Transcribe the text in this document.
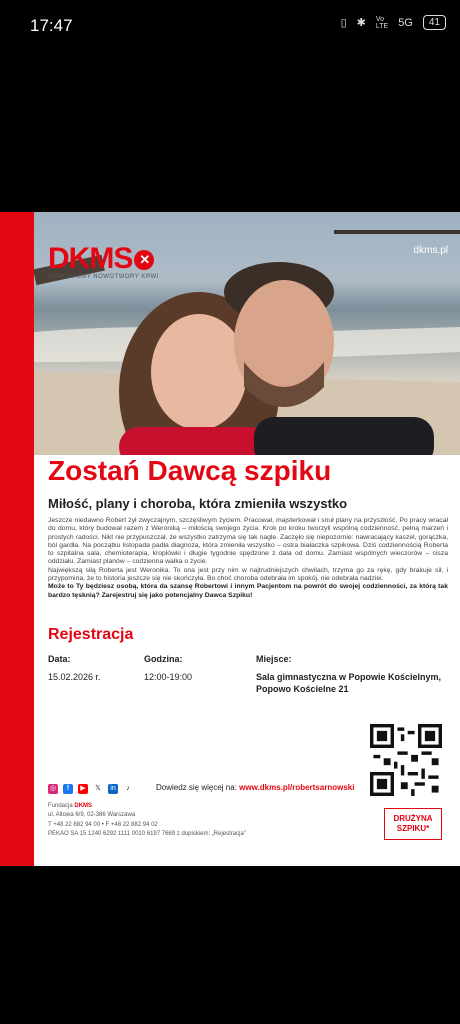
17:47	▯ ✱ Vo
LTE 5G	41
DKMS ✕
POKONAJMY NOWOTWORY KRWI
dkms.pl
Zostań Dawcą szpiku
Miłość, plany i choroba, która zmieniła wszystko

Jeszcze niedawno Robert żył zwyczajnym, szczęśliwym życiem. Pracował, majsterkował i snuł plany na przyszłość. Po pracy wracał do domu, który budował razem z Weroniką – miłością swojego życia. Krok po kroku tworzyli wspólną codzienność, pełną marzeń i prostych radości. Nikt nie przypuszczał, że wszystko zatrzyma się tak nagle. Zaczęło się niepozornie: nawracający kaszel, gorączka, ból gardła. Na początku listopada padła diagnoza, która zmieniła wszystko – ostra białaczka szpikowa. Dziś codziennością Roberta to szpitalna sala, chemioterapia, kroplówki i długie tygodnie spędzone z dala od domu. Zamiast wspólnych wieczorów – cisza oddziału. Zamiast planów – codzienna walka o życie.

Największą siłą Roberta jest Weronika. To ona jest przy nim w najtrudniejszych chwilach, trzyma go za rękę, gdy brakuje sił, i przypomina, że to historia jeszcze się nie skończyła. Bo choć choroba odebrała im spokój, nie odebrała nadziei.

Może to Ty będziesz osobą, która da szansę Robertowi i innym Pacjentom na powrót do swojej codzienności, za którą tak bardzo tęsknią? Zarejestruj się jako potencjalny Dawca Szpiku!

Rejestracja
Data:
15.02.2026 r.
Godzina:
12:00-19:00
Miejsce:
Sala gimnastyczna w Popowie Kościelnym,
Popowo Kościelne 21
◎	f	▶	𝕏	in	♪	Dowiedz się więcej na: www.dkms.pl/robertsarnowski
Fundacja DKMS
ul. Altowa 6/9, 02-386 Warszawa
T +48 22 882 94 00 • F +48 22 882 94 02
PEKAO SA 15 1240 6292 1111 0010 6197 7669 z dopiskiem: „Rejestracja”
DRUŻYNA
SZPIKU*
